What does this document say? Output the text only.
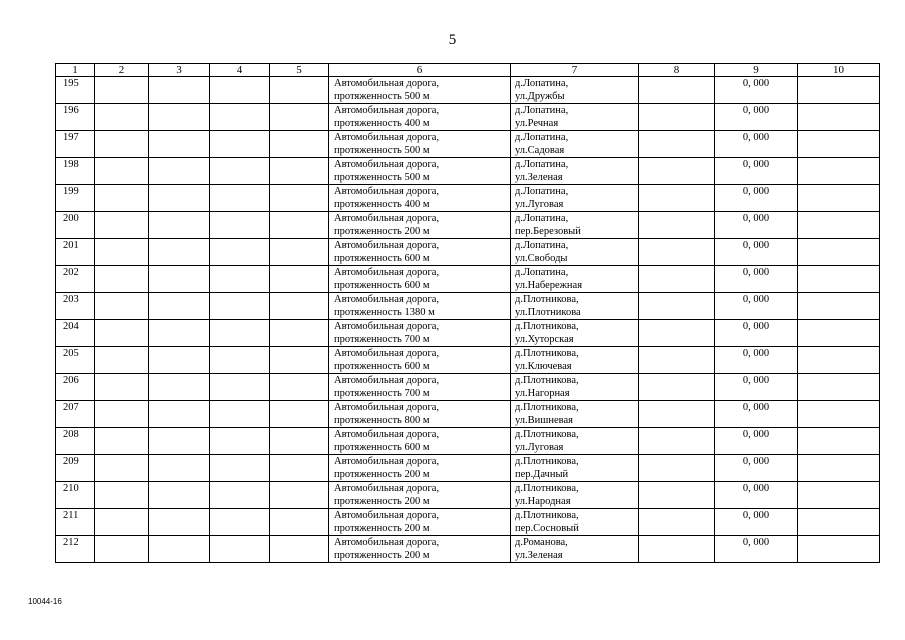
5
1	2	3	4	5	6	7	8	9	10

195					Автомобильная дорога,
протяженность 500 м	д.Лопатина,
ул.Дружбы		0, 000	

196					Автомобильная дорога,
протяженность 400 м	д.Лопатина,
ул.Речная		0, 000	

197					Автомобильная дорога,
протяженность 500 м	д.Лопатина,
ул.Садовая		0, 000	

198					Автомобильная дорога,
протяженность 500 м	д.Лопатина,
ул.Зеленая		0, 000	

199					Автомобильная дорога,
протяженность 400 м	д.Лопатина,
ул.Луговая		0, 000	

200					Автомобильная дорога,
протяженность 200 м	д.Лопатина,
пер.Березовый		0, 000	

201					Автомобильная дорога,
протяженность 600 м	д.Лопатина,
ул.Свободы		0, 000	

202					Автомобильная дорога,
протяженность 600 м	д.Лопатина,
ул.Набережная		0, 000	

203					Автомобильная дорога,
протяженность 1380 м	д.Плотникова,
ул.Плотникова		0, 000	

204					Автомобильная дорога,
протяженность 700 м	д.Плотникова,
ул.Хуторская		0, 000	

205					Автомобильная дорога,
протяженность 600 м	д.Плотникова,
ул.Ключевая		0, 000	

206					Автомобильная дорога,
протяженность 700 м	д.Плотникова,
ул.Нагорная		0, 000	

207					Автомобильная дорога,
протяженность 800 м	д.Плотникова,
ул.Вишневая		0, 000	

208					Автомобильная дорога,
протяженность 600 м	д.Плотникова,
ул.Луговая		0, 000	

209					Автомобильная дорога,
протяженность 200 м	д.Плотникова,
пер.Дачный		0, 000	

210					Автомобильная дорога,
протяженность 200 м	д.Плотникова,
ул.Народная		0, 000	

211					Автомобильная дорога,
протяженность 200 м	д.Плотникова,
пер.Сосновый		0, 000	

212					Автомобильная дорога,
протяженность 200 м	д.Романова,
ул.Зеленая		0, 000	

10044-16
